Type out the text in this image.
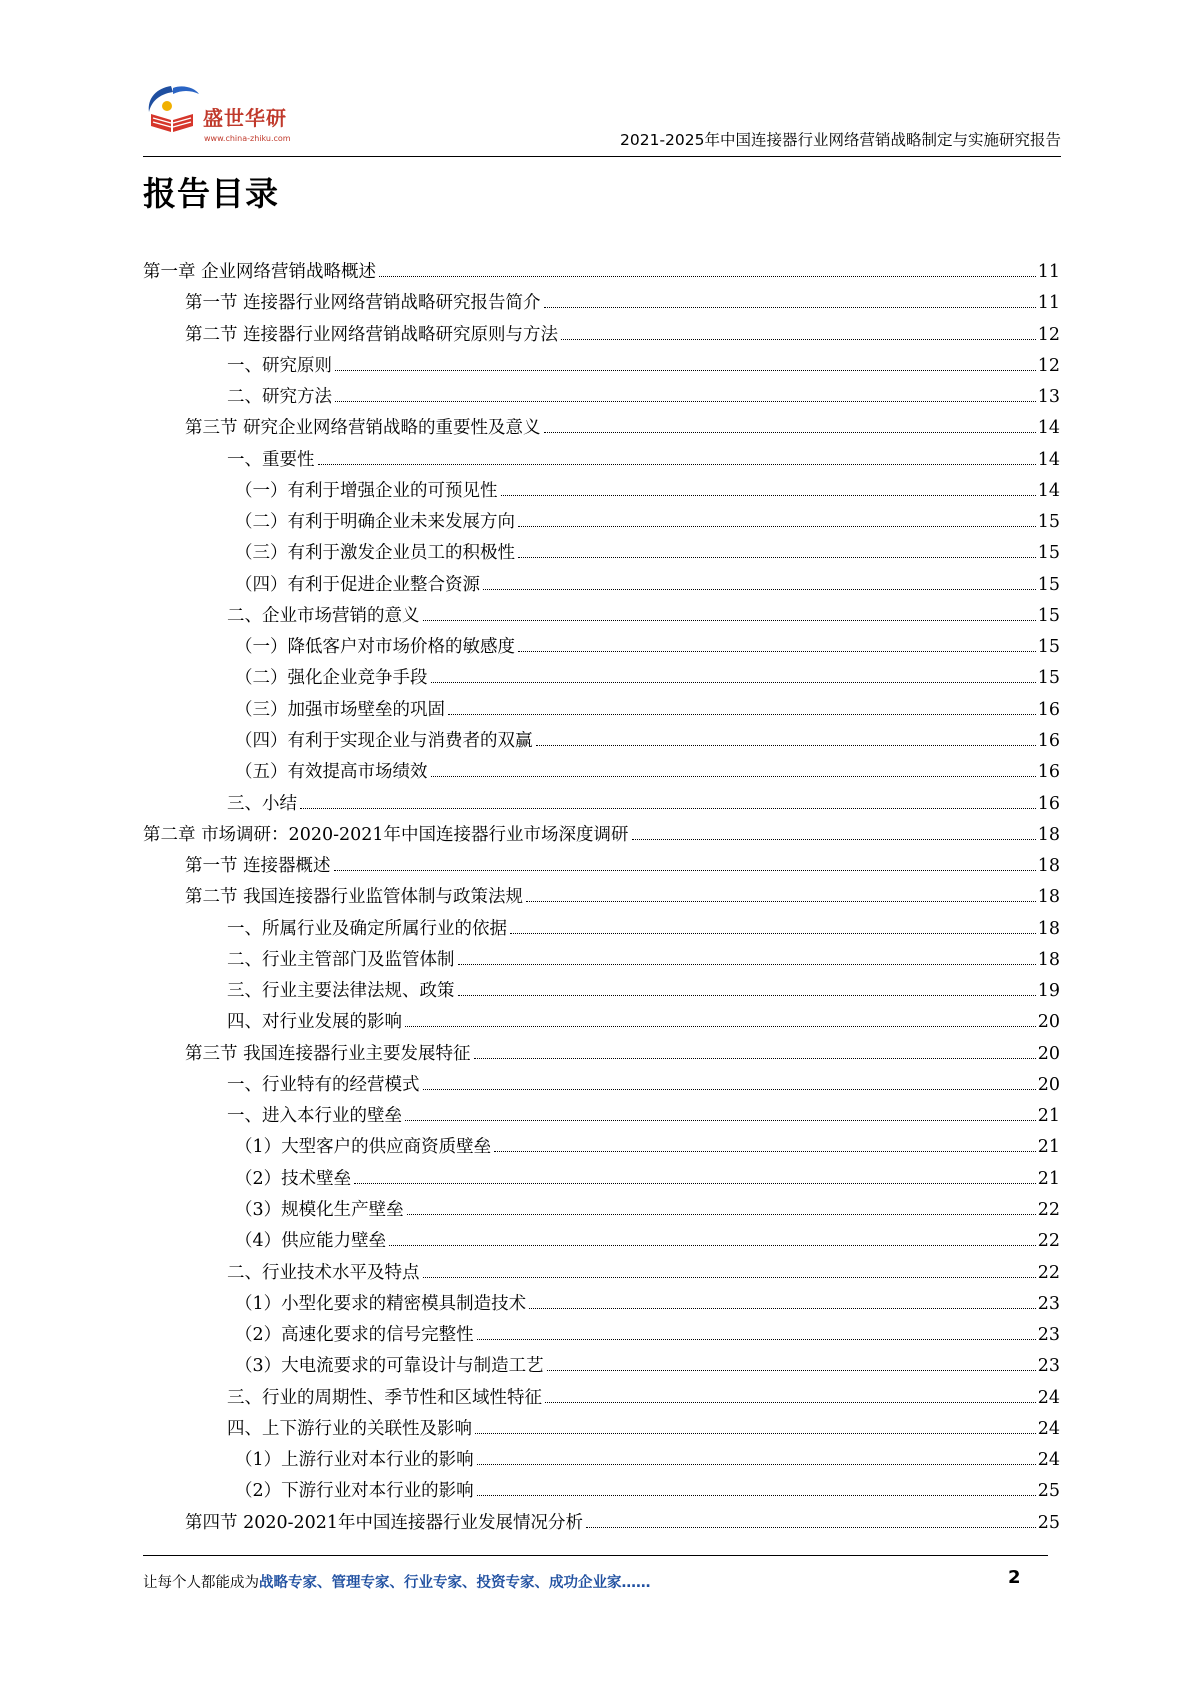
盛世华研
www.china-zhiku.com	2021-2025年中国连接器行业网络营销战略制定与实施研究报告
报告目录
第一章 企业网络营销战略概述	11
第一节 连接器行业网络营销战略研究报告简介	11
第二节 连接器行业网络营销战略研究原则与方法	12
一、研究原则	12
二、研究方法	13
第三节 研究企业网络营销战略的重要性及意义	14
一、重要性	14
（一）有利于增强企业的可预见性	14
（二）有利于明确企业未来发展方向	15
（三）有利于激发企业员工的积极性	15
（四）有利于促进企业整合资源	15
二、企业市场营销的意义	15
（一）降低客户对市场价格的敏感度	15
（二）强化企业竞争手段	15
（三）加强市场壁垒的巩固	16
（四）有利于实现企业与消费者的双赢	16
（五）有效提高市场绩效	16
三、小结	16
第二章 市场调研：2020-2021年中国连接器行业市场深度调研	18
第一节 连接器概述	18
第二节 我国连接器行业监管体制与政策法规	18
一、所属行业及确定所属行业的依据	18
二、行业主管部门及监管体制	18
三、行业主要法律法规、政策	19
四、对行业发展的影响	20
第三节 我国连接器行业主要发展特征	20
一、行业特有的经营模式	20
一、进入本行业的壁垒	21
（1）大型客户的供应商资质壁垒	21
（2）技术壁垒	21
（3）规模化生产壁垒	22
（4）供应能力壁垒	22
二、行业技术水平及特点	22
（1）小型化要求的精密模具制造技术	23
（2）高速化要求的信号完整性	23
（3）大电流要求的可靠设计与制造工艺	23
三、行业的周期性、季节性和区域性特征	24
四、上下游行业的关联性及影响	24
（1）上游行业对本行业的影响	24
（2）下游行业对本行业的影响	25
第四节 2020-2021年中国连接器行业发展情况分析	25
让每个人都能成为战略专家、管理专家、行业专家、投资专家、成功企业家……	2
